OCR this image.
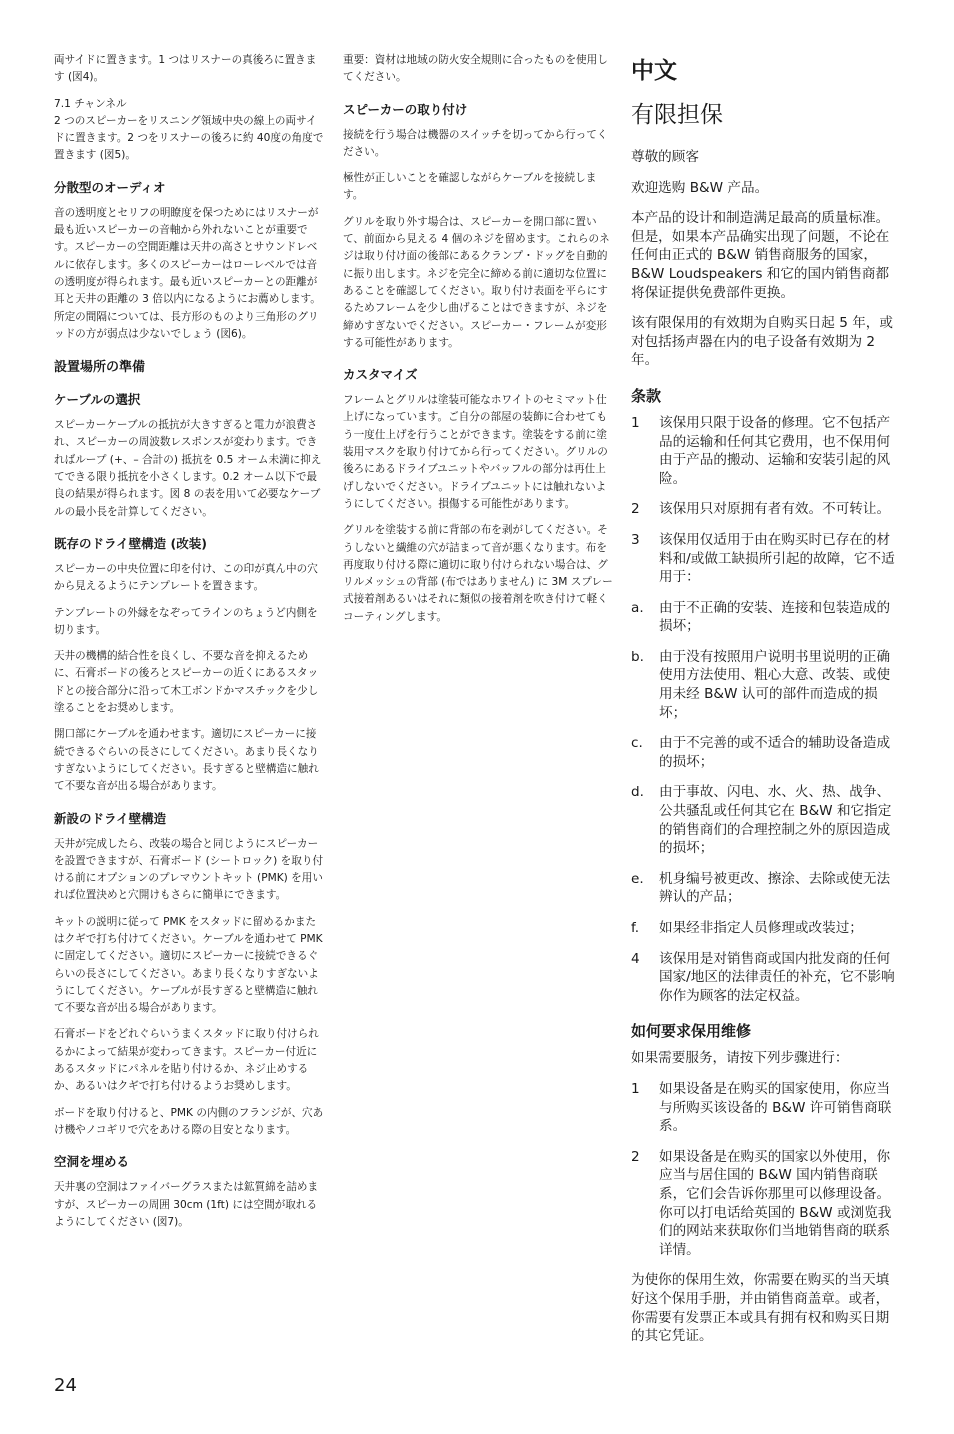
両サイドに置きます。1 つはリスナーの真後ろに置きます (図4)。

7.1 チャンネル

2 つのスピーカーをリスニング領域中央の線上の両サイドに置きます。2 つをリスナーの後ろに約 40度の角度で置きます (図5)。

分散型のオーディオ

音の透明度とセリフの明瞭度を保つためにはリスナーが最も近いスピーカーの音軸から外れないことが重要です。スピーカーの空間距離は天井の高さとサウンドレベルに依存します。多くのスピーカーはローレベルでは音の透明度が得られます。最も近いスピーカーとの距離が耳と天井の距離の 3 倍以内になるようにお薦めします。所定の間隔については、長方形のものより三角形のグリッドの方が弱点は少ないでしょう (図6)。

設置場所の準備
ケーブルの選択

スピーカーケーブルの抵抗が大きすぎると電力が浪費され、スピーカーの周波数レスポンスが変わります。できればループ (+、– 合計の) 抵抗を 0.5 オーム未満に抑えてできる限り抵抗を小さくします。0.2 オーム以下で最良の結果が得られます。図 8 の表を用いて必要なケーブルの最小長を計算してください。

既存のドライ壁構造 (改装)

スピーカーの中央位置に印を付け、この印が真ん中の穴から見えるようにテンプレートを置きます。

テンプレートの外縁をなぞってラインのちょうど内側を切ります。

天井の機構的結合性を良くし、不要な音を抑えるために、石膏ボードの後ろとスピーカーの近くにあるスタッドとの接合部分に沿って木工ボンドかマスチックを少し塗ることをお奨めします。

開口部にケーブルを通わせます。適切にスピーカーに接続できるぐらいの長さにしてください。あまり長くなりすぎないようにしてください。長すぎると壁構造に触れて不要な音が出る場合があります。

新設のドライ壁構造

天井が完成したら、改装の場合と同じようにスピーカーを設置できますが、石膏ボード (シートロック) を取り付ける前にオプションのプレマウントキット (PMK) を用いれば位置決めと穴開けもさらに簡単にできます。

キットの説明に従って PMK をスタッドに留めるかまたはクギで打ち付けてください。ケーブルを通わせて PMK に固定してください。適切にスピーカーに接続できるぐらいの長さにしてください。あまり長くなりすぎないようにしてください。ケーブルが長すぎると壁構造に触れて不要な音が出る場合があります。

石膏ボードをどれぐらいうまくスタッドに取り付けられるかによって結果が変わってきます。スピーカー付近にあるスタッドにパネルを貼り付けるか、ネジ止めするか、あるいはクギで打ち付けるようお奨めします。

ボードを取り付けると、PMK の内側のフランジが、穴あけ機やノコギリで穴をあける際の目安となります。

空洞を埋める

天井裏の空洞はファイバーグラスまたは鉱質綿を詰めますが、スピーカーの周囲 30cm (1ft) には空間が取れるようにしてください (図7)。

重要：資材は地域の防火安全規則に合ったものを使用してください。

スピーカーの取り付け

接続を行う場合は機器のスイッチを切ってから行ってください。

極性が正しいことを確認しながらケーブルを接続します。

グリルを取り外す場合は、スピーカーを開口部に置いて、前面から見える 4 個のネジを留めます。これらのネジは取り付け面の後部にあるクランプ・ドッグを自動的に振り出します。ネジを完全に締める前に適切な位置にあることを確認してください。取り付け表面を平らにするためフレームを少し曲げることはできますが、ネジを締めすぎないでください。スピーカー・フレームが変形する可能性があります。

カスタマイズ

フレームとグリルは塗装可能なホワイトのセミマット仕上げになっています。ご自分の部屋の装飾に合わせてもう一度仕上げを行うことができます。塗装をする前に塗装用マスクを取り付けてから行ってください。グリルの後ろにあるドライブユニットやバッフルの部分は再仕上げしないでください。ドライブユニットには触れないようにしてください。損傷する可能性があります。

グリルを塗装する前に背部の布を剥がしてください。そうしないと繊維の穴が詰まって音が悪くなります。布を再度取り付ける際に適切に取り付けられない場合は、グリルメッシュの背部 (布ではありません) に 3M スプレー式接着剤あるいはそれに類似の接着剤を吹き付けて軽くコーティングします。

中文
有限担保

尊敬的顾客

欢迎选购 B&W 产品。

本产品的设计和制造满足最高的质量标准。但是，如果本产品确实出现了问题，不论在任何由正式的 B&W 销售商服务的国家，B&W Loudspeakers 和它的国内销售商都将保证提供免费部件更换。

该有限保用的有效期为自购买日起 5 年，或对包括扬声器在内的电子设备有效期为 2 年。

条款
1	该保用只限于设备的修理。它不包括产品的运输和任何其它费用，也不保用何由于产品的搬动、运输和安装引起的风险。
2	该保用只对原拥有者有效。不可转让。
3	该保用仅适用于由在购买时已存在的材料和/或做工缺损所引起的故障，它不适用于：
a.	由于不正确的安装、连接和包装造成的损坏；
b.	由于没有按照用户说明书里说明的正确使用方法使用、粗心大意、改装、或使用未经 B&W 认可的部件而造成的损坏；
c.	由于不完善的或不适合的辅助设备造成的损坏；
d.	由于事故、闪电、水、火、热、战争、公共骚乱或任何其它在 B&W 和它指定的销售商们的合理控制之外的原因造成的损坏；
e.	机身编号被更改、擦涂、去除或使无法辨认的产品；
f.	如果经非指定人员修理或改装过；
4	该保用是对销售商或国内批发商的任何国家/地区的法律责任的补充，它不影响你作为顾客的法定权益。
如何要求保用维修

如果需要服务，请按下列步骤进行：

1	如果设备是在购买的国家使用，你应当与所购买该设备的 B&W 许可销售商联系。
2	如果设备是在购买的国家以外使用，你应当与居住国的 B&W 国内销售商联系，它们会告诉你那里可以修理设备。你可以打电话给英国的 B&W 或浏览我们的网站来获取你们当地销售商的联系详情。

为使你的保用生效，你需要在购买的当天填好这个保用手册，并由销售商盖章。或者，你需要有发票正本或具有拥有权和购买日期的其它凭证。

24
